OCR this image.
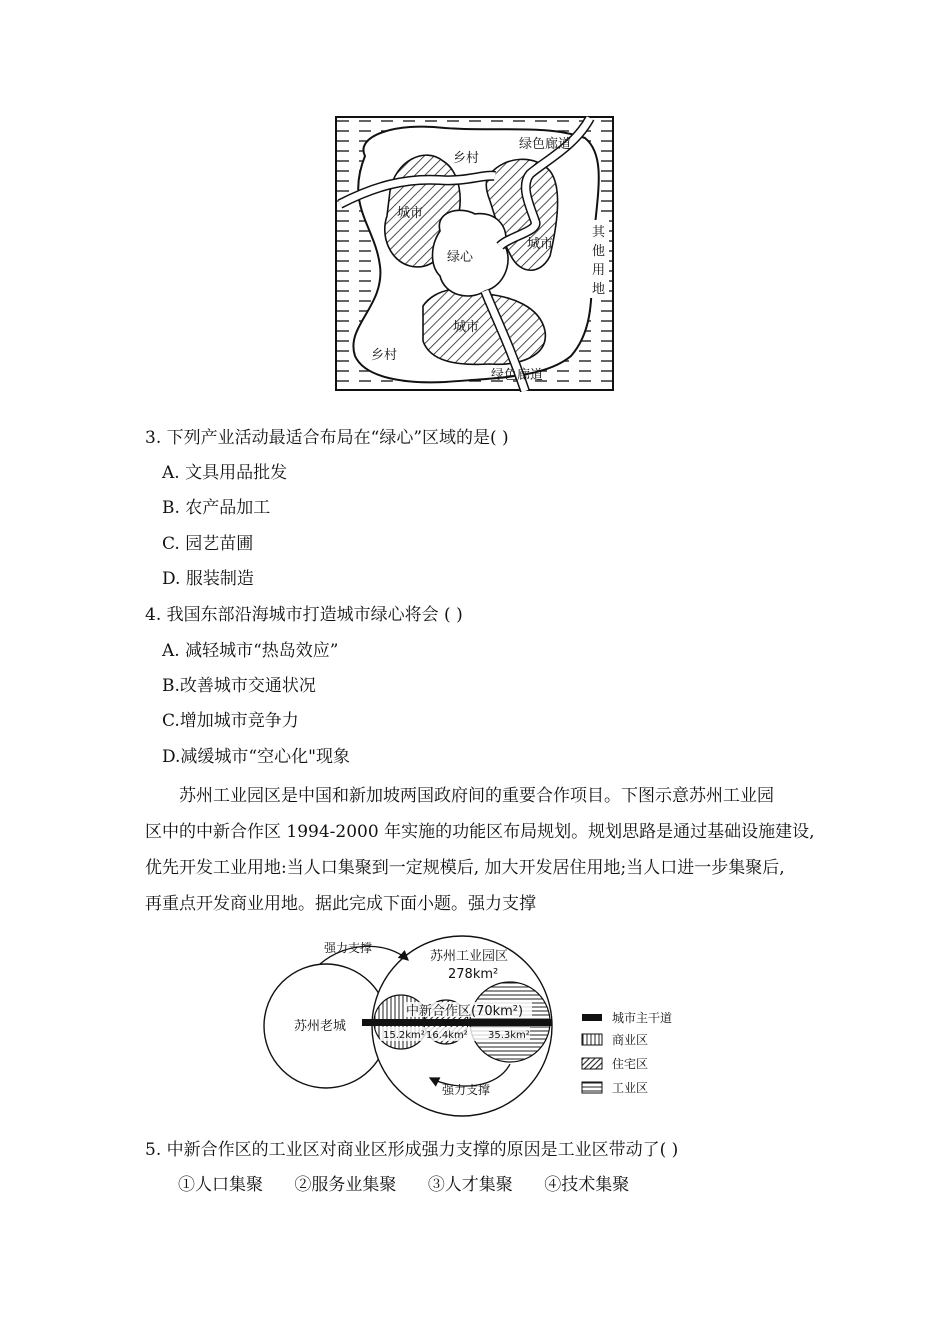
乡村
绿色廊道
城市
城市
绿心
城市
乡村
绿色廊道
其
他
用
地
3. 下列产业活动最适合布局在“绿心”区域的是( )
A. 文具用品批发
B. 农产品加工
C. 园艺苗圃
D. 服装制造
4. 我国东部沿海城市打造城市绿心将会 ( )
A. 减轻城市“热岛效应”
B.改善城市交通状况
C.增加城市竞争力
D.减缓城市“空心化"现象

苏州工业园区是中国和新加坡两国政府间的重要合作项目。下图示意苏州工业园

区中的中新合作区 1994-2000 年实施的功能区布局规划。规划思路是通过基础设施建设,

优先开发工业用地:当人口集聚到一定规模后, 加大开发居住用地;当人口进一步集聚后,

再重点开发商业用地。据此完成下面小题。强力支撑

苏州老城
苏州工业园区
278km²
中新合作区(70km²)
15.2km² 16.4km² 35.3km²
强力支撑
强力支撑
城市主干道
商业区
住宅区
工业区
5. 中新合作区的工业区对商业区形成强力支撑的原因是工业区带动了( )
①人口集聚 ②服务业集聚 ③人才集聚 ④技术集聚
